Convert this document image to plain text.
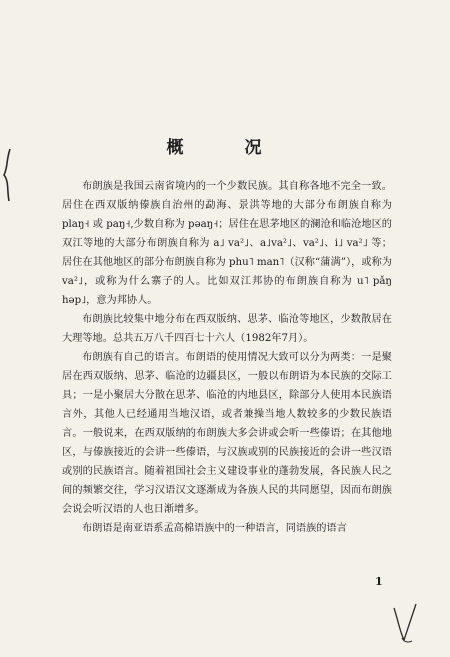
概　况

布朗族是我国云南省境内的一个少数民族。其自称各地不完全一致。居住在西双版纳傣族自治州的勐海、景洪等地的大部分布朗族自称为 plaŋ˧ 或 paŋ˧,少数自称为 pəaŋ˧；居住在思茅地区的澜沧和临沧地区的双江等地的大部分布朗族自称为 a˩ va²˩、a˩va²˩、va²˩、i˩ va²˩ 等；居住在其他地区的部分布朗族自称为 phu˥ man˥（汉称“蒲满”），或称为 va²˩，或称为什么寨子的人。比如双江邦协的布朗族自称为 u˥ pǎŋ həp˩，意为邦协人。

布朗族比较集中地分布在西双版纳、思茅、临沧等地区，少数散居在大理等地。总共五万八千四百七十六人（1982年7月）。

布朗族有自己的语言。布朗语的使用情况大致可以分为两类：一是聚居在西双版纳、思茅、临沧的边疆县区，一般以布朗语为本民族的交际工具；一是小聚居大分散在思茅、临沧的内地县区，除部分人使用本民族语言外，其他人已经通用当地汉语，或者兼操当地人数较多的少数民族语言。一般说来，在西双版纳的布朗族大多会讲或会听一些傣语；在其他地区，与傣族接近的会讲一些傣语，与汉族或别的民族接近的会讲一些汉语或别的民族语言。随着祖国社会主义建设事业的蓬勃发展，各民族人民之间的频繁交往，学习汉语汉文逐渐成为各族人民的共同愿望，因而布朗族会说会听汉语的人也日渐增多。

布朗语是南亚语系孟高棉语族中的一种语言，同语族的语言

1
